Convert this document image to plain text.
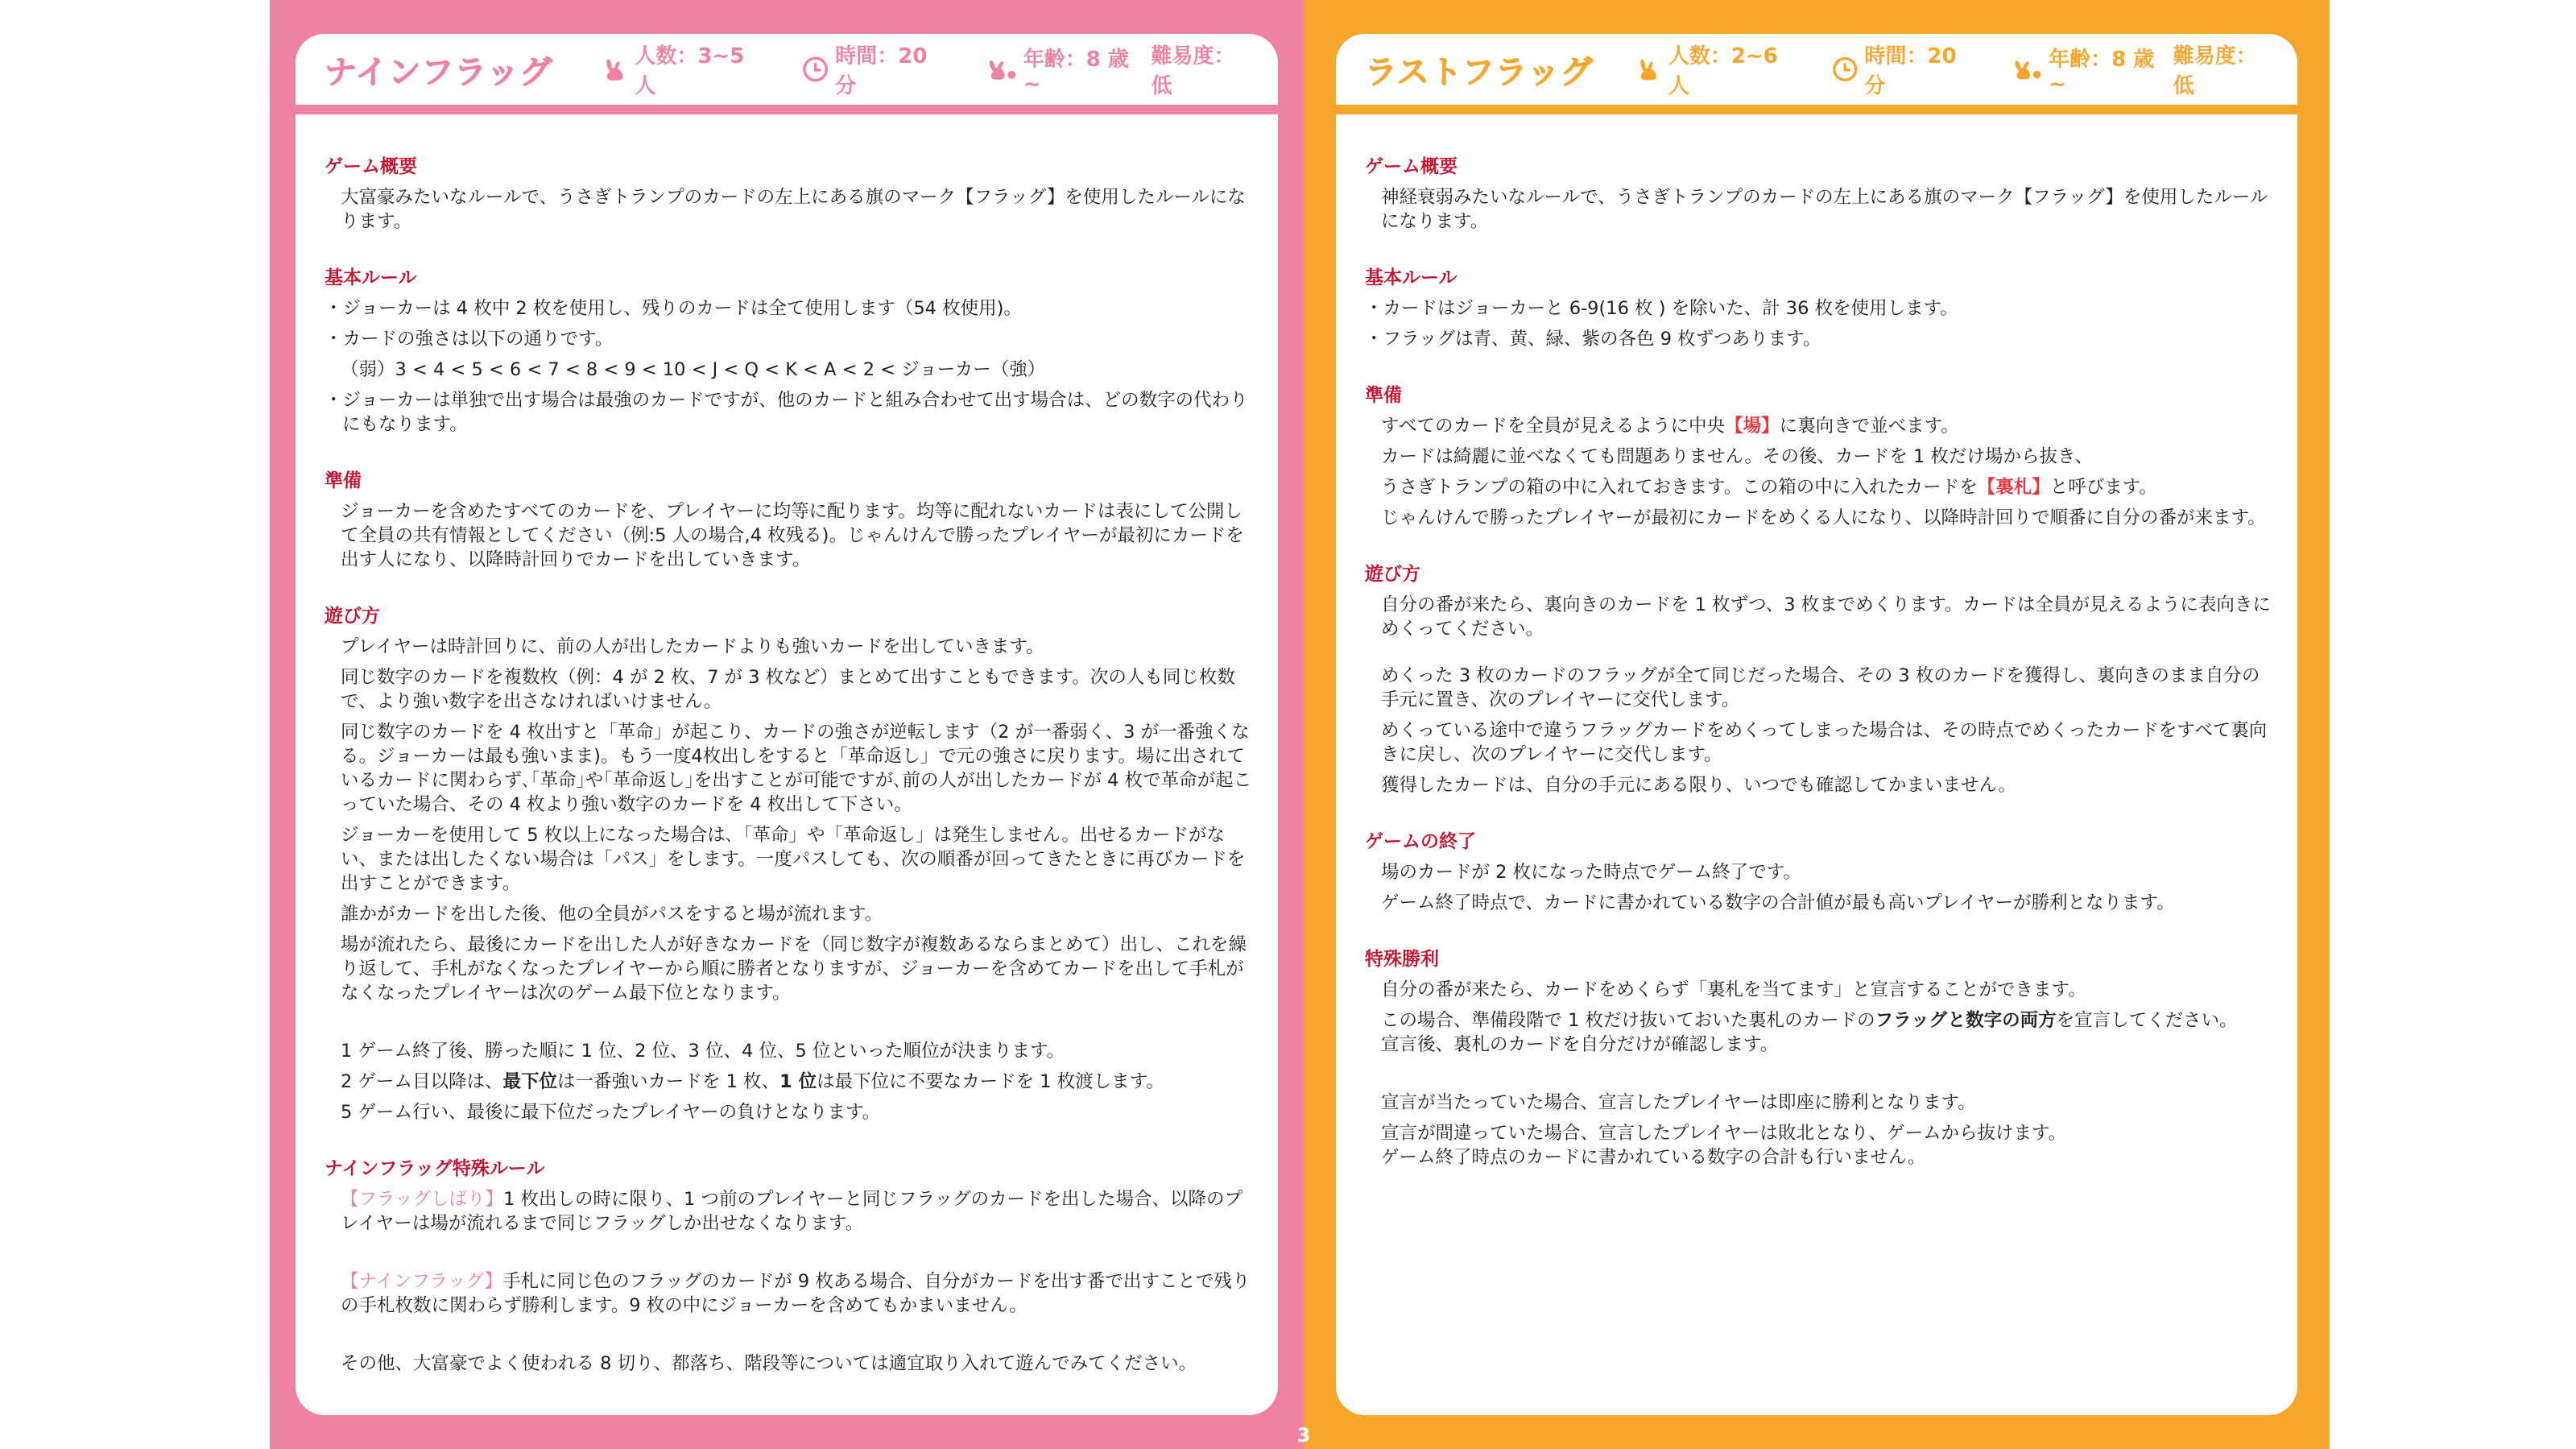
ナインフラッグ	人数：3~5 人
時間：20 分
年齢：8 歳 ~
難易度：低
ゲーム概要
大富豪みたいなルールで、うさぎトランプのカードの左上にある旗のマーク【フラッグ】を使用したルールになります。
基本ルール
・ジョーカーは 4 枚中 2 枚を使用し、残りのカードは全て使用します（54 枚使用)。
・カードの強さは以下の通りです。
（弱）3 < 4 < 5 < 6 < 7 < 8 < 9 < 10 < J < Q < K < A < 2 < ジョーカー（強）
・ジョーカーは単独で出す場合は最強のカードですが、他のカードと組み合わせて出す場合は、どの数字の代わりにもなります。
準備
ジョーカーを含めたすべてのカードを、プレイヤーに均等に配ります。均等に配れないカードは表にして公開して全員の共有情報としてください（例:5 人の場合,4 枚残る)。じゃんけんで勝ったプレイヤーが最初にカードを出す人になり、以降時計回りでカードを出していきます。
遊び方
プレイヤーは時計回りに、前の人が出したカードよりも強いカードを出していきます。
同じ数字のカードを複数枚（例：4 が 2 枚、7 が 3 枚など）まとめて出すこともできます。次の人も同じ枚数で、より強い数字を出さなければいけません。
同じ数字のカードを 4 枚出すと「革命」が起こり、カードの強さが逆転します（2 が一番弱く、3 が一番強くなる。ジョーカーは最も強いまま)。もう一度4枚出しをすると「革命返し」で元の強さに戻ります。場に出されているカードに関わらず､｢革命｣や｢革命返し｣を出すことが可能ですが､前の人が出したカードが 4 枚で革命が起こっていた場合、その 4 枚より強い数字のカードを 4 枚出して下さい。
ジョーカーを使用して 5 枚以上になった場合は､「革命」や「革命返し」は発生しません。出せるカードがない、または出したくない場合は「パス」をします。一度パスしても、次の順番が回ってきたときに再びカードを出すことができます。
誰かがカードを出した後、他の全員がパスをすると場が流れます。
場が流れたら、最後にカードを出した人が好きなカードを（同じ数字が複数あるならまとめて）出し、これを繰り返して、手札がなくなったプレイヤーから順に勝者となりますが、ジョーカーを含めてカードを出して手札がなくなったプレイヤーは次のゲーム最下位となります。
1 ゲーム終了後、勝った順に 1 位、2 位、3 位、4 位、5 位といった順位が決まります。
2 ゲーム目以降は、最下位は一番強いカードを 1 枚、1 位は最下位に不要なカードを 1 枚渡します。
5 ゲーム行い、最後に最下位だったプレイヤーの負けとなります。
ナインフラッグ特殊ルール
【フラッグしばり】1 枚出しの時に限り、1 つ前のプレイヤーと同じフラッグのカードを出した場合、以降のプレイヤーは場が流れるまで同じフラッグしか出せなくなります。
【ナインフラッグ】手札に同じ色のフラッグのカードが 9 枚ある場合、自分がカードを出す番で出すことで残りの手札枚数に関わらず勝利します。9 枚の中にジョーカーを含めてもかまいません。
その他、大富豪でよく使われる 8 切り、都落ち、階段等については適宜取り入れて遊んでみてください。
ラストフラッグ	人数：2~6 人
時間：20 分
年齢：8 歳 ~
難易度：低
ゲーム概要
神経衰弱みたいなルールで、うさぎトランプのカードの左上にある旗のマーク【フラッグ】を使用したルールになります。
基本ルール
・カードはジョーカーと 6-9(16 枚 ) を除いた、計 36 枚を使用します。
・フラッグは青、黄、緑、紫の各色 9 枚ずつあります。
準備
すべてのカードを全員が見えるように中央【場】に裏向きで並べます。
カードは綺麗に並べなくても問題ありません。その後、カードを 1 枚だけ場から抜き、
うさぎトランプの箱の中に入れておきます。この箱の中に入れたカードを【裏札】と呼びます。
じゃんけんで勝ったプレイヤーが最初にカードをめくる人になり、以降時計回りで順番に自分の番が来ます。
遊び方
自分の番が来たら、裏向きのカードを 1 枚ずつ、3 枚までめくります。カードは全員が見えるように表向きにめくってください。
めくった 3 枚のカードのフラッグが全て同じだった場合、その 3 枚のカードを獲得し、裏向きのまま自分の手元に置き、次のプレイヤーに交代します。
めくっている途中で違うフラッグカードをめくってしまった場合は、その時点でめくったカードをすべて裏向きに戻し、次のプレイヤーに交代します。
獲得したカードは、自分の手元にある限り、いつでも確認してかまいません。
ゲームの終了
場のカードが 2 枚になった時点でゲーム終了です。
ゲーム終了時点で、カードに書かれている数字の合計値が最も高いプレイヤーが勝利となります。
特殊勝利
自分の番が来たら、カードをめくらず「裏札を当てます」と宣言することができます。
この場合、準備段階で 1 枚だけ抜いておいた裏札のカードのフラッグと数字の両方を宣言してください。
宣言後、裏札のカードを自分だけが確認します。
宣言が当たっていた場合、宣言したプレイヤーは即座に勝利となります。
宣言が間違っていた場合、宣言したプレイヤーは敗北となり、ゲームから抜けます。
ゲーム終了時点のカードに書かれている数字の合計も行いません。
3
